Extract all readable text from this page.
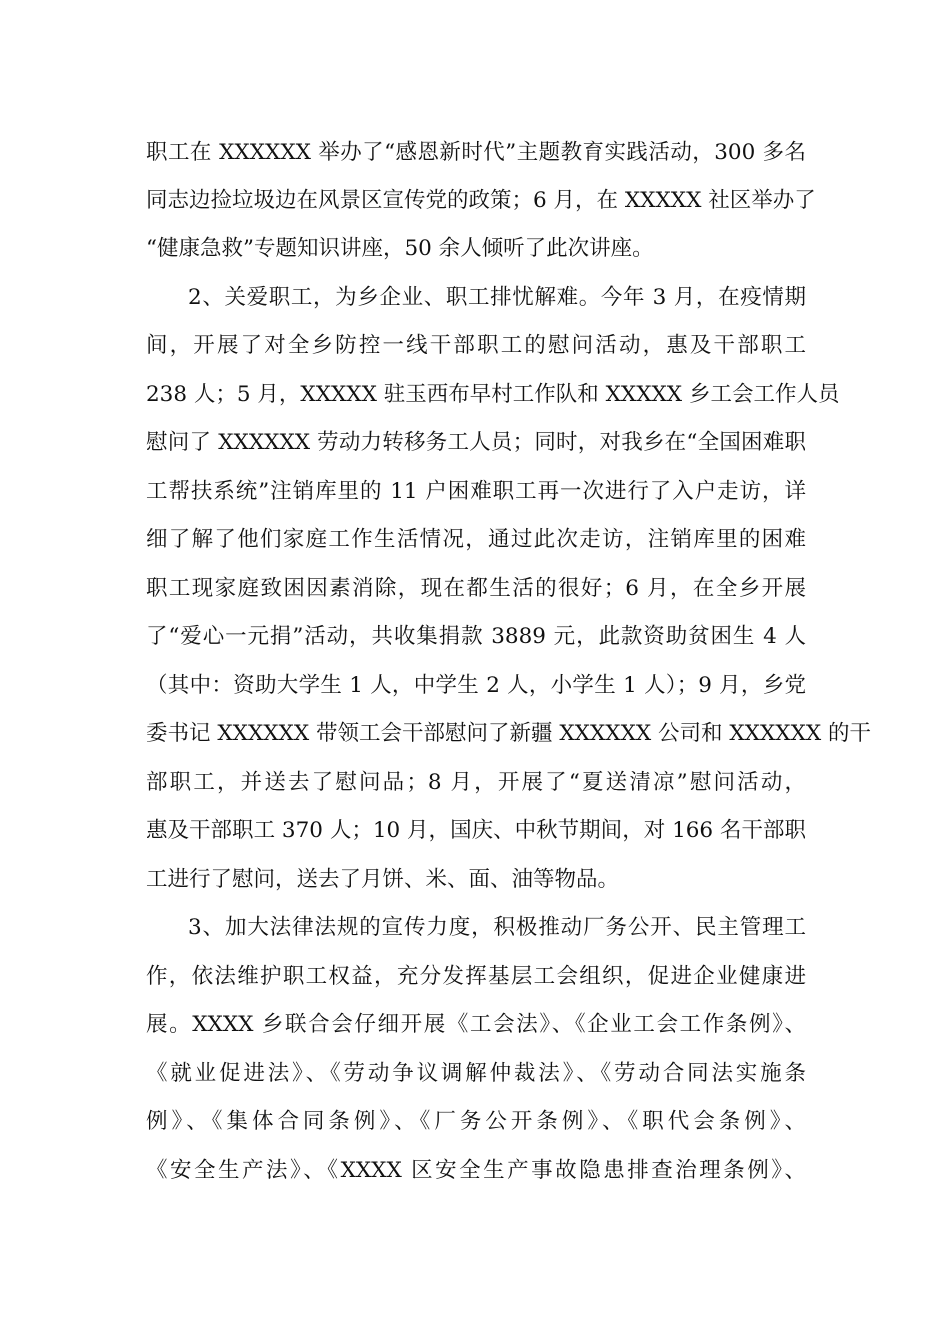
职工在 XXXXXX 举办了“感恩新时代”主题教育实践活动，300 多名
同志边捡垃圾边在风景区宣传党的政策；6 月，在 XXXXX 社区举办了
“健康急救”专题知识讲座，50 余人倾听了此次讲座。
2、关爱职工，为乡企业、职工排忧解难。今年 3 月，在疫情期
间，开展了对全乡防控一线干部职工的慰问活动，惠及干部职工
238 人；5 月，XXXXX 驻玉西布早村工作队和 XXXXX 乡工会工作人员
慰问了 XXXXXX 劳动力转移务工人员；同时，对我乡在“全国困难职
工帮扶系统”注销库里的 11 户困难职工再一次进行了入户走访，详
细了解了他们家庭工作生活情况，通过此次走访，注销库里的困难
职工现家庭致困因素消除，现在都生活的很好；6 月，在全乡开展
了“爱心一元捐”活动，共收集捐款 3889 元，此款资助贫困生 4 人
（其中：资助大学生 1 人，中学生 2 人，小学生 1 人）；9 月，乡党
委书记 XXXXXX 带领工会干部慰问了新疆 XXXXXX 公司和 XXXXXX 的干
部职工，并送去了慰问品；8 月，开展了“夏送清凉”慰问活动，
惠及干部职工 370 人；10 月，国庆、中秋节期间，对 166 名干部职
工进行了慰问，送去了月饼、米、面、油等物品。
3、加大法律法规的宣传力度，积极推动厂务公开、民主管理工
作，依法维护职工权益，充分发挥基层工会组织，促进企业健康进
展。XXXX 乡联合会仔细开展《工会法》、《企业工会工作条例》、
《就业促进法》、《劳动争议调解仲裁法》、《劳动合同法实施条
例》、《集体合同条例》、《厂务公开条例》、《职代会条例》、
《安全生产法》、《XXXX 区安全生产事故隐患排查治理条例》、
